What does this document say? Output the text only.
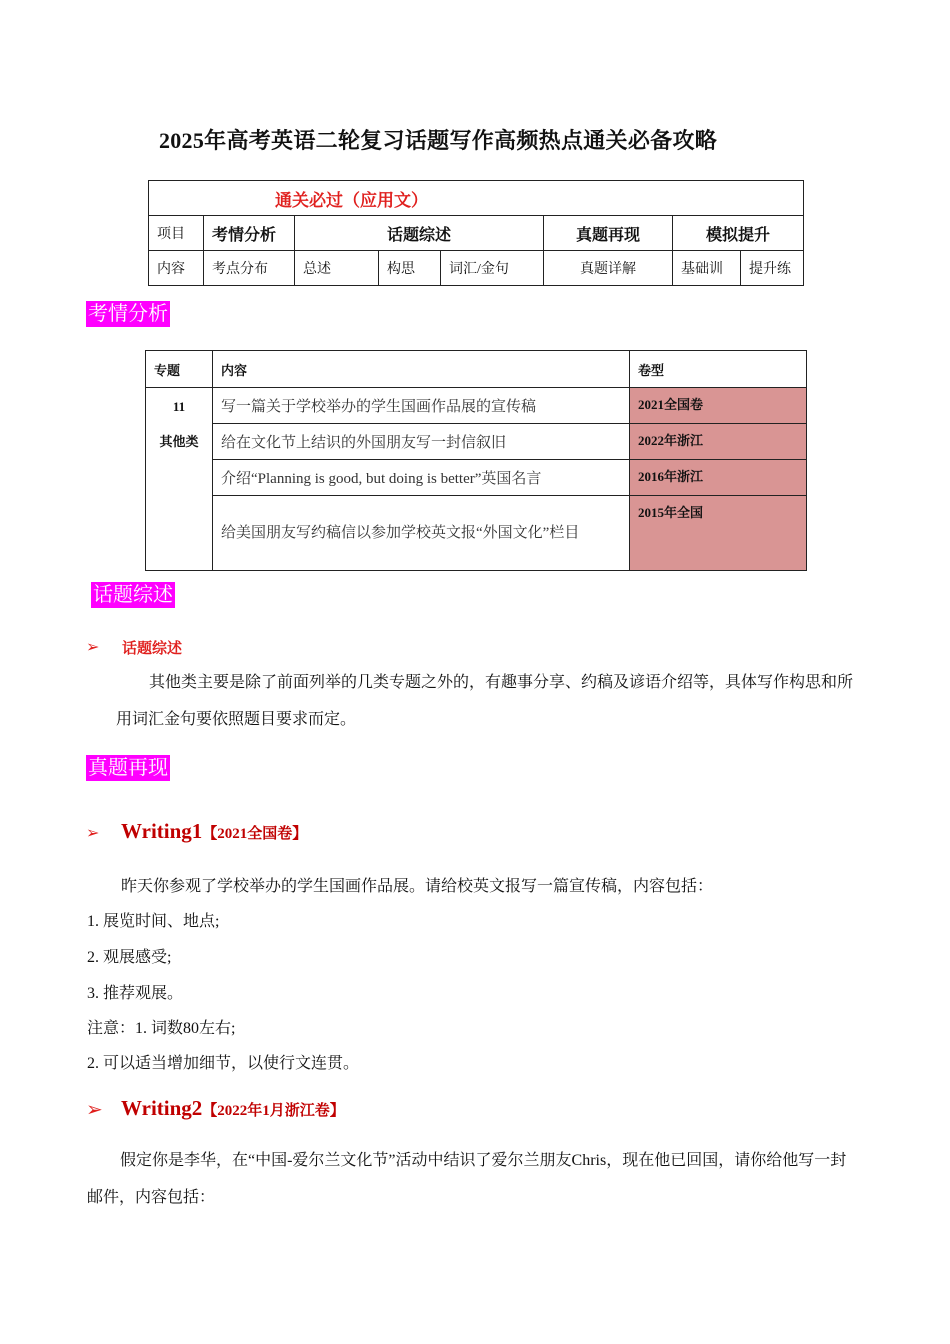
2025年高考英语二轮复习话题写作高频热点通关必备攻略
通关必过（应用文）							
项目	考情分析	话题综述			真题再现	模拟提升	
内容	考点分布	总述	构思	词汇/金句	真题详解	基础训	提升练
考情分析
专题	内容	卷型

11
其他类	写一篇关于学校举办的学生国画作品展的宣传稿	2021全国卷
	给在文化节上结识的外国朋友写一封信叙旧	2022年浙江
	介绍“Planning is good, but doing is better”英国名言	2016年浙江
	给美国朋友写约稿信以参加学校英文报“外国文化”栏目	2015年全国
话题综述
➢ 话题综述
其他类主要是除了前面列举的几类专题之外的，有趣事分享、约稿及谚语介绍等，具体写作构思和所用词汇金句要依照题目要求而定。
真题再现
➢ Writing1【2021全国卷】
昨天你参观了学校举办的学生国画作品展。请给校英文报写一篇宣传稿，内容包括：
1. 展览时间、地点;
2. 观展感受;
3. 推荐观展。
注意：1. 词数80左右;
2. 可以适当增加细节，以使行文连贯。
➢ Writing2【2022年1月浙江卷】
假定你是李华，在“中国-爱尔兰文化节”活动中结识了爱尔兰朋友Chris，现在他已回国，请你给他写一封邮件，内容包括：
